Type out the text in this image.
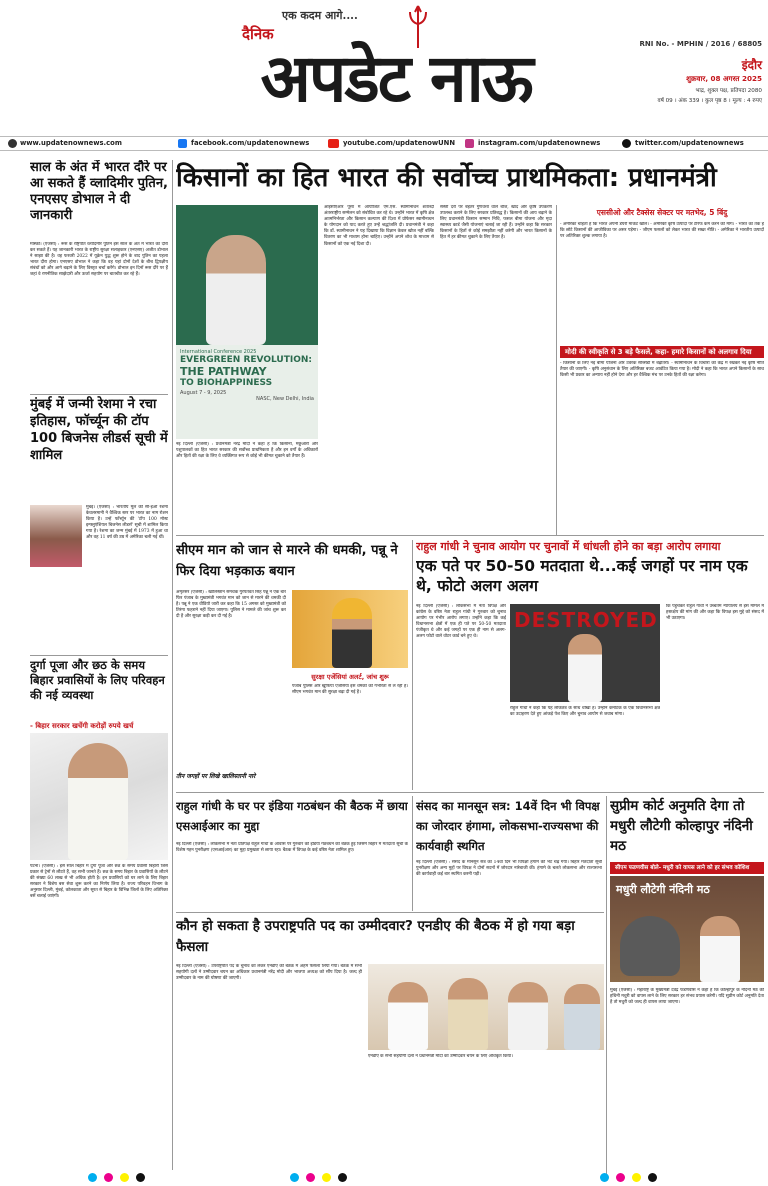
एक कदम आगे....
दैनिक
अपडेट नाऊ	RNI No. - MPHIN / 2016 / 68805
इंदौर
शुक्रवार, 08 अगस्त 2025
भाद्र, शुक्ल पक्ष, प्रतिपदा 2080
वर्ष 09 । अंक 339 । कुल पृष्ठ 8 । मूल्य : 4 रुपए
www.updatenownews.com	facebook.com/updatenownews	youtube.com/updatenowUNN	instagram.com/updatenownews	twitter.com/updatenownews
साल के अंत में भारत दौरे पर आ सकते हैं व्लादिमीर पुतिन, एनएसए डोभाल ने दी जानकारी
मॉस्को। (एजेंसी) : रूस के राष्ट्रपति व्लादिमीर पुतिन इस साल के अंत में भारत का दौरा कर सकते हैं। यह जानकारी भारत के राष्ट्रीय सुरक्षा सलाहकार (एनएसए) अजीत डोभाल ने साझा की है। वह फरवरी 2022 में यूक्रेन युद्ध शुरू होने के बाद पुतिन का पहला भारत दौरा होगा। एनएसए डोभाल ने कहा कि वह यहां दोनों देशों के बीच द्विपक्षीय संबंधों को और आगे बढ़ाने के लिए विस्तृत चर्चा करेंगे। डोभाल इन दिनों रूस दौरे पर हैं जहां वे रणनीतिक साझेदारी और ऊर्जा सहयोग पर बातचीत कर रहे हैं।
मुंबई में जन्मी रेशमा ने रचा इतिहास, फॉर्च्यून की टॉप 100 बिजनेस लीडर्स सूची में शामिल
मुंबई। (एजेंसी) : भारतीय मूल की सी-ईओ रेशमा केवलरमानी ने वैश्विक स्तर पर भारत का नाम रोशन किया है। उन्हें फॉर्च्यून की 'टॉप 100 मोस्ट इन्फ्लुएंशियल बिजनेस लीडर्स' सूची में शामिल किया गया है। रेशमा का जन्म मुंबई में 1973 में हुआ था और वह 11 वर्ष की उम्र में अमेरिका चली गई थीं।
दुर्गा पूजा और छठ के समय बिहार प्रवासियों के लिए परिवहन की नई व्यवस्था
- बिहार सरकार खर्चेगी करोड़ों रुपये खर्च
पटना। (एजेंसी) : इस साल बिहार में दुर्गा पूजा और छठ के समय प्रवासी बिहारी जिस प्रकार से ट्रेनों से लौटते हैं, वह सभी जानते हैं। छठ के समय बिहार के प्रवासियों के लौटने की संख्या 60 लाख से भी अधिक होती है। इन प्रवासियों को घर लाने के लिए बिहार सरकार ने विशेष बस सेवा शुरू करने का निर्णय लिया है। राज्य परिवहन विभाग के अनुसार दिल्ली, मुंबई, कोलकाता और सूरत से बिहार के विभिन्न जिलों के लिए अतिरिक्त बसें चलाई जाएंगी।
किसानों का हित भारत की सर्वोच्च प्राथमिकता: प्रधानमंत्री
International Conference 2025
EVERGREEN REVOLUTION:
THE PATHWAY
TO BIOHAPPINESS
August 7 - 9, 2025
NASC, New Delhi, India
नई दिल्ली (एजेंसी) : प्रधानमंत्री नरेंद्र मोदी ने कहा है कि किसानों, मछुआरों और पशुपालकों का हित भारत सरकार की सर्वोच्च प्राथमिकता है और इन वर्गों के अधिकारों और हितों की रक्षा के लिए वे व्यक्तिगत रूप से कोई भी कीमत चुकाने को तैयार हैं।
आईसीएआर पूसा में आयोजित एम.एस. स्वामीनाथन शताब्दी अंतरराष्ट्रीय सम्मेलन को संबोधित कर रहे थे। उन्होंने भारत में कृषि क्षेत्र आत्मनिर्भरता और किसान कल्याण की दिशा में प्रोफेसर स्वामीनाथन के योगदान को याद करते हुए उन्हें श्रद्धांजलि दी। प्रधानमंत्री ने कहा कि डॉ. स्वामीनाथन ने यह दिखाया कि विज्ञान केवल खोज नहीं बल्कि वितरण का भी माध्यम होना चाहिए। उन्होंने अपने शोध के माध्यम से किसानों को एक नई दिशा दी।
सस्ती दरों पर बेहतर गुणवत्ता वाले बीज, खाद और कृषि उपकरण उपलब्ध कराने के लिए सरकार प्रतिबद्ध है। किसानों की आय बढ़ाने के लिए प्रधानमंत्री किसान सम्मान निधि, फसल बीमा योजना और मृदा स्वास्थ्य कार्ड जैसी योजनाएं चलाई जा रही हैं। उन्होंने कहा कि सरकार किसानों के हितों से कोई समझौता नहीं करेगी और भारत किसानों के हित में हर कीमत चुकाने के लिए तैयार है।
एससीओ और टैक्सेस सेक्टर पर मतभेद, 5 बिंदु
- अमेरिका चाहता है कि भारत अपनी डेयरी मार्केट खोले। - अमेरिकी कृषि उत्पादों पर टैरिफ कम करने की मांग। - भारत का तर्क है कि छोटे किसानों की आजीविका पर असर पड़ेगा। - जीएम फसलों को लेकर भारत की सख्त नीति। - अमेरिका ने भारतीय उत्पादों पर अतिरिक्त शुल्क लगाया है।
मोदी की स्वीकृति से 3 बड़े फैसले, कहा- हमारे किसानों को अलगाव दिया
- किसानों के लिए नई बीमा योजना और उर्वरक सब्सिडी में बढ़ोतरी। - स्वामीनाथन के विचारों को केंद्र में रखकर नई कृषि नीति तैयार की जाएगी। - कृषि अनुसंधान के लिए अतिरिक्त बजट आवंटित किया गया है। मोदी ने कहा कि भारत अपने किसानों के साथ किसी भी प्रकार का अन्याय नहीं होने देगा और हर वैश्विक मंच पर उनके हितों की रक्षा करेगा।
सीएम मान को जान से मारने की धमकी, पन्नू ने फिर दिया भड़काऊ बयान
अमृतसर (एजेंसी) : खालिस्तान समर्थक गुरपतवंत सिंह पन्नू ने एक बार फिर पंजाब के मुख्यमंत्री भगवंत मान को जान से मारने की धमकी दी है। पन्नू ने एक वीडियो जारी कर कहा कि 15 अगस्त को मुख्यमंत्री को तिरंगा फहराने नहीं दिया जाएगा। पुलिस ने मामले की जांच शुरू कर दी है और सुरक्षा कड़ी कर दी गई है।
सुरक्षा एजेंसियां अलर्ट, जांच शुरू
पंजाब पुलिस और खुफिया एजेंसियां इस धमकी को गंभीरता से ले रही हैं। सीएम भगवंत मान की सुरक्षा बढ़ा दी गई है।
तीन जगहों पर लिखे खालिस्तानी नारे
राहुल गांधी ने चुनाव आयोग पर चुनावों में धांधली होने का बड़ा आरोप लगाया
एक पते पर 50-50 मतदाता थे...कई जगहों पर नाम एक थे, फोटो अलग अलग
नई दिल्ली (एजेंसी) : लोकसभा में नेता विपक्ष और कांग्रेस के वरिष्ठ नेता राहुल गांधी ने गुरुवार को चुनाव आयोग पर गंभीर आरोप लगाए। उन्होंने कहा कि कई विधानसभा क्षेत्रों में एक ही पते पर 50-50 मतदाता पंजीकृत थे और कई जगहों पर एक ही नाम से अलग-अलग फोटो वाले वोटर कार्ड बने हुए थे।
DESTROYED
राहुल गांधी ने कहा कि यह लोकतंत्र के साथ धोखा है। उन्होंने कर्नाटक के एक विधानसभा क्षेत्र का उदाहरण देते हुए आंकड़े पेश किए और चुनाव आयोग से जवाब मांगा।
कि पहुंचकर राहुल गांधी ने उच्चतम न्यायालय से इस मामले में हस्तक्षेप की मांग की और कहा कि विपक्ष इस मुद्दे को संसद में भी उठाएगा।
राहुल गांधी के घर पर इंडिया गठबंधन की बैठक में छाया एसआईआर का मुद्दा
नई दिल्ली (एजेंसी) : लोकसभा में नेता प्रतिपक्ष राहुल गांधी के आवास पर गुरुवार को इंडिया गठबंधन की बैठक हुई जिसमें बिहार में मतदाता सूची के विशेष गहन पुनरीक्षण (एसआईआर) का मुद्दा प्रमुखता से छाया रहा। बैठक में विपक्ष के कई वरिष्ठ नेता शामिल हुए।
संसद का मानसून सत्र: 14वें दिन भी विपक्ष का जोरदार हंगामा, लोकसभा-राज्यसभा की कार्यवाही स्थगित
नई दिल्ली (एजेंसी) : संसद के मानसून सत्र का 14वां दिन भी विपक्षी हंगामे की भेंट चढ़ गया। बिहार मतदाता सूची पुनरीक्षण और अन्य मुद्दों पर विपक्ष ने दोनों सदनों में जोरदार नारेबाजी की। हंगामे के चलते लोकसभा और राज्यसभा की कार्यवाही कई बार स्थगित करनी पड़ी।
सुप्रीम कोर्ट अनुमति देगा तो मधुरी लौटेगी कोल्हापुर नंदिनी मठ
सीएम फडणवीस बोले- मधुरी को वापस लाने को हर संभव कोशिश
मधुरी लौटेगी नंदिनी मठ
मुंबई (एजेंसी) : महाराष्ट्र के मुख्यमंत्री देवेंद्र फडणवीस ने कहा है कि कोल्हापुर के नंदिनी मठ की हथिनी मधुरी को वापस लाने के लिए सरकार हर संभव प्रयास करेगी। यदि सुप्रीम कोर्ट अनुमति देता है तो मधुरी को जल्द ही वापस लाया जाएगा।
कौन हो सकता है उपराष्ट्रपति पद का उम्मीदवार? एनडीए की बैठक में हो गया बड़ा फैसला
नई दिल्ली (एजेंसी) : उपराष्ट्रपति पद के चुनाव को लेकर एनडीए की बैठक में अहम फैसला लिया गया। बैठक में सभी सहयोगी दलों ने उम्मीदवार चयन का अधिकार प्रधानमंत्री नरेंद्र मोदी और भाजपा अध्यक्ष को सौंप दिया है। जल्द ही उम्मीदवार के नाम की घोषणा की जाएगी।
एनडीए के सभी सहयोगी दलों ने प्रधानमंत्री मोदी को उम्मीदवार चयन के लिए अधिकृत किया।
